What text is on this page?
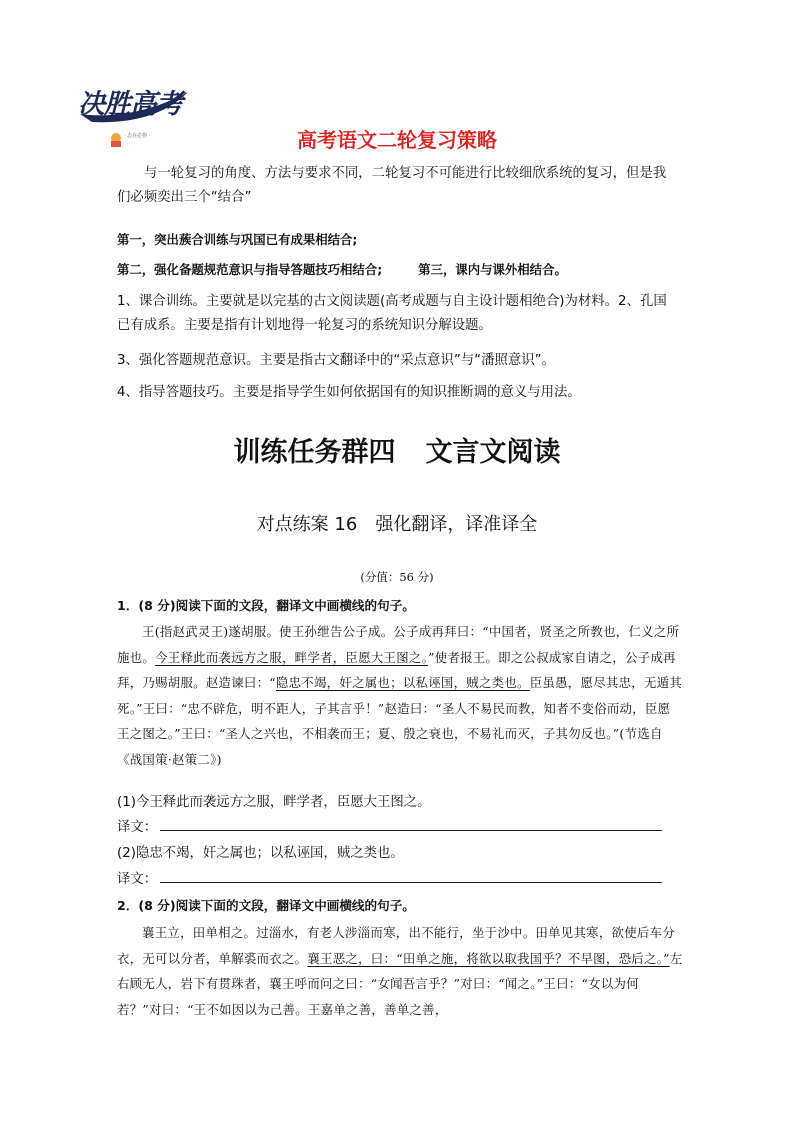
决胜高考
· 志在必得 ·	高考语文二轮复习策略

与一轮复习的角度、方法与要求不同，二轮复习不可能进行比较细欣系统的复习，但是我们必频奕出三个“结合”

第一，突出蔟合训练与巩国已有成果相结合;

第二，强化备题规范意识与指导答题技巧相结合;	第三，课内与课外相结合。

1、课合训练。主要就是以完基的古文阅读题(高考成题与自主设计题相绝合)为材料。2、孔国已有成系。主要是指有计划地得一轮复习的系统知识分解设题。

3、强化答题规范意识。主要是指古文翻译中的“采点意识”与“潘照意识”。

4、指导答题技巧。主要是指导学生如何依据国有的知识推断调的意义与用法。

训练任务群四 文言文阅读
对点练案 16　强化翻译，译准译全
(分值：56 分)

1．(8 分)阅读下面的文段，翻译文中画横线的句子。

王(指赵武灵王)遂胡服。使王孙绁告公子成。公子成再拜曰：“中国者，贤圣之所教也，仁义之所施也。今王释此而袭远方之服，畔学者，臣愿大王图之。”使者报王。即之公叔成家自请之，公子成再拜，乃赐胡服。赵造谏曰：“隐忠不竭，奸之属也；以私诬国，贼之类也。臣虽愚，愿尽其忠，无遁其死。”王曰：“忠不辟危，明不距人，子其言乎！”赵造曰：“圣人不易民而教，知者不变俗而动，臣愿王之图之。”王曰：“圣人之兴也，不相袭而王；夏、殷之衰也，不易礼而灭，子其勿反也。”(节选自《战国策·赵策二》)

(1)今王释此而袭远方之服，畔学者，臣愿大王图之。

译文：

(2)隐忠不竭，奸之属也；以私诬国，贼之类也。

译文：

2．(8 分)阅读下面的文段，翻译文中画横线的句子。

襄王立，田单相之。过淄水，有老人涉淄而寒，出不能行，坐于沙中。田单见其寒，欲使后车分衣，无可以分者，单解裘而衣之。襄王恶之，曰：“田单之施，将欲以取我国乎？不早图，恐后之。”左右顾无人，岩下有贯珠者，襄王呼而问之曰：“女闻吾言乎？”对曰：“闻之。”王曰：“女以为何若？”对曰：“王不如因以为己善。王嘉单之善，善单之善，
